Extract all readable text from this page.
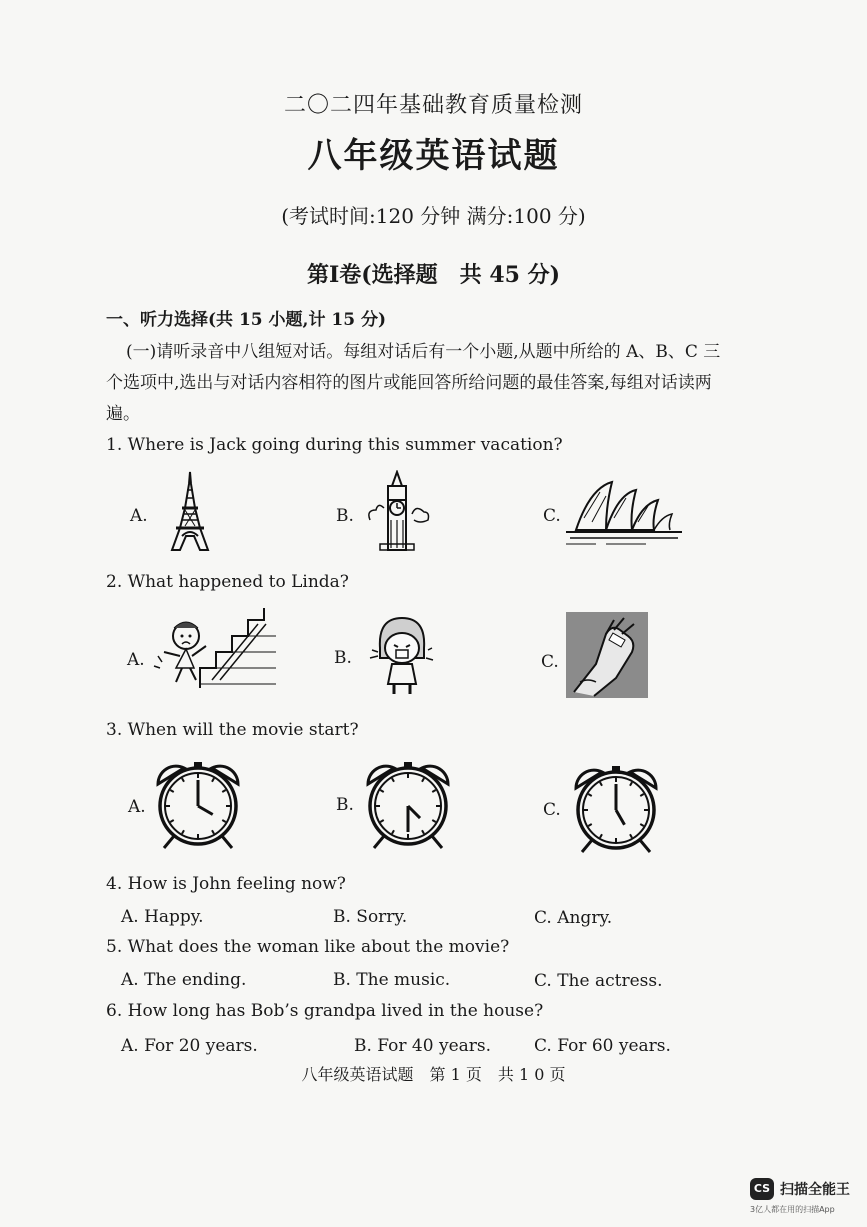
二〇二四年基础教育质量检测
八年级英语试题
(考试时间:120 分钟 满分:100 分)
第Ⅰ卷(选择题　共 45 分)
一、听力选择(共 15 小题,计 15 分)
(一)请听录音中八组短对话。每组对话后有一个小题,从题中所给的 A、B、C 三
个选项中,选出与对话内容相符的图片或能回答所给问题的最佳答案,每组对话读两
遍。
1. Where is Jack going during this summer vacation?
A.	B.	C.
2. What happened to Linda?
A.	B.	C.
3. When will the movie start?
A.	B.	C.
4. How is John feeling now?
A. Happy.	B. Sorry.	C. Angry.
5. What does the woman like about the movie?
A. The ending.	B. The music.	C. The actress.
6. How long has Bob’s grandpa lived in the house?
A. For 20 years.	B. For 40 years.	C. For 60 years.
八年级英语试题　第 1 页　共 1 0 页
CS 扫描全能王
3亿人都在用的扫描App
